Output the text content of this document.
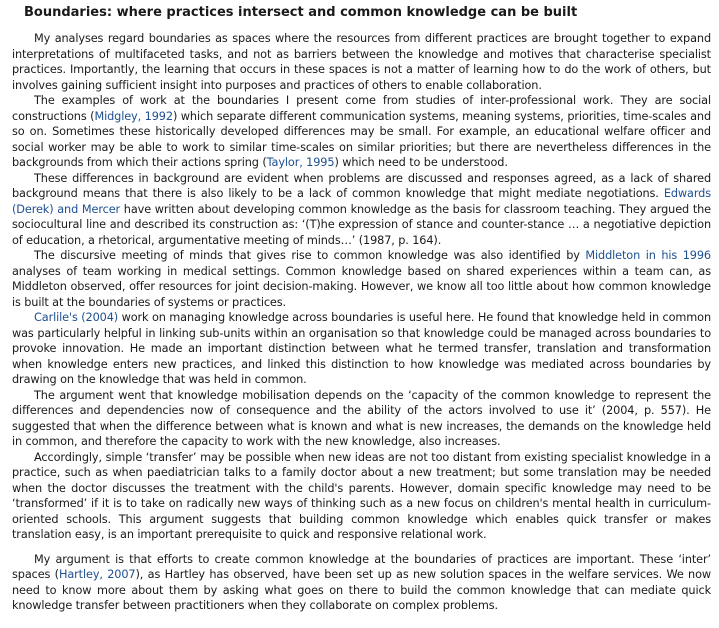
Boundaries: where practices intersect and common knowledge can be built

My analyses regard boundaries as spaces where the resources from different practices are brought together to expand interpretations of multifaceted tasks, and not as barriers between the knowledge and motives that characterise specialist practices. Importantly, the learning that occurs in these spaces is not a matter of learning how to do the work of others, but involves gaining sufficient insight into purposes and practices of others to enable collaboration.

The examples of work at the boundaries I present come from studies of inter-professional work. They are social constructions (Midgley, 1992) which separate different communication systems, meaning systems, priorities, time-scales and so on. Sometimes these historically developed differences may be small. For example, an educational welfare officer and social worker may be able to work to similar time-scales on similar priorities; but there are nevertheless differences in the backgrounds from which their actions spring (Taylor, 1995) which need to be understood.

These differences in background are evident when problems are discussed and responses agreed, as a lack of shared background means that there is also likely to be a lack of common knowledge that might mediate negotiations. Edwards (Derek) and Mercer have written about developing common knowledge as the basis for classroom teaching. They argued the sociocultural line and described its construction as: ‘(T)he expression of stance and counter-stance … a negotiative depiction of education, a rhetorical, argumentative meeting of minds…’ (1987, p. 164).

The discursive meeting of minds that gives rise to common knowledge was also identified by Middleton in his 1996 analyses of team working in medical settings. Common knowledge based on shared experiences within a team can, as Middleton observed, offer resources for joint decision-making. However, we know all too little about how common knowledge is built at the boundaries of systems or practices.

Carlile's (2004) work on managing knowledge across boundaries is useful here. He found that knowledge held in common was particularly helpful in linking sub-units within an organisation so that knowledge could be managed across boundaries to provoke innovation. He made an important distinction between what he termed transfer, translation and transformation when knowledge enters new practices, and linked this distinction to how knowledge was mediated across boundaries by drawing on the knowledge that was held in common.

The argument went that knowledge mobilisation depends on the ‘capacity of the common knowledge to represent the differences and dependencies now of consequence and the ability of the actors involved to use it’ (2004, p. 557). He suggested that when the difference between what is known and what is new increases, the demands on the knowledge held in common, and therefore the capacity to work with the new knowledge, also increases.

Accordingly, simple ‘transfer’ may be possible when new ideas are not too distant from existing specialist knowledge in a practice, such as when paediatrician talks to a family doctor about a new treatment; but some translation may be needed when the doctor discusses the treatment with the child's parents. However, domain specific knowledge may need to be ‘transformed’ if it is to take on radically new ways of thinking such as a new focus on children's mental health in curriculum-oriented schools. This argument suggests that building common knowledge which enables quick transfer or makes translation easy, is an important prerequisite to quick and responsive relational work.

My argument is that efforts to create common knowledge at the boundaries of practices are important. These ‘inter’ spaces (Hartley, 2007), as Hartley has observed, have been set up as new solution spaces in the welfare services. We now need to know more about them by asking what goes on there to build the common knowledge that can mediate quick knowledge transfer between practitioners when they collaborate on complex problems.
